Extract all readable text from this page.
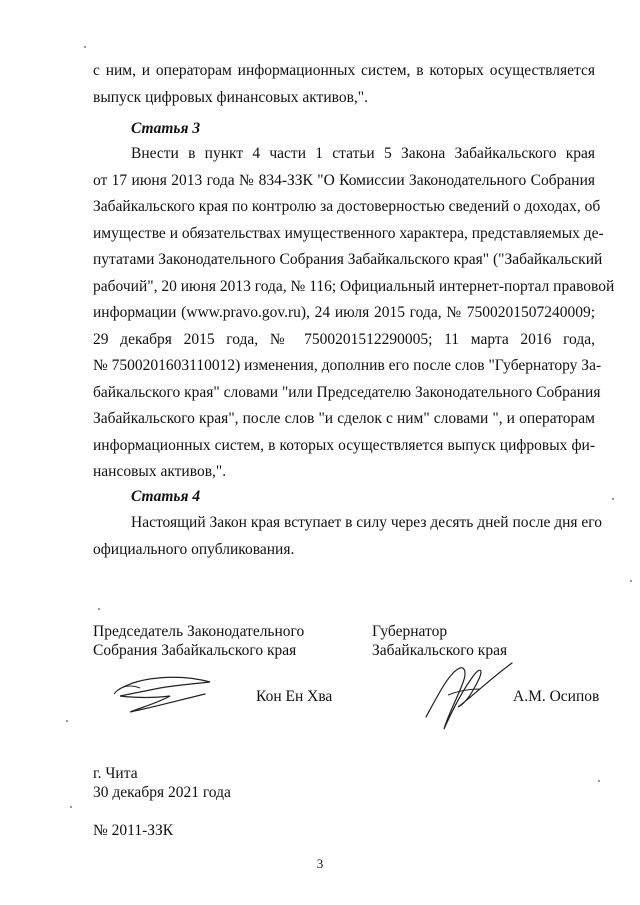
с ним, и операторам информационных систем, в которых осуществляется
выпуск цифровых финансовых активов,".
Статья 3
Внести в пункт 4 части 1 статьи 5 Закона Забайкальского края
от 17 июня 2013 года № 834-ЗЗК "О Комиссии Законодательного Собрания
Забайкальского края по контролю за достоверностью сведений о доходах, об
имуществе и обязательствах имущественного характера, представляемых де-
путатами Законодательного Собрания Забайкальского края" ("Забайкальский
рабочий", 20 июня 2013 года, № 116; Официальный интернет-портал правовой
информации (www.pravo.gov.ru), 24 июля 2015 года, № 7500201507240009;
29 декабря 2015 года, № 7500201512290005; 11 марта 2016 года,
№ 7500201603110012) изменения, дополнив его после слов "Губернатору За-
байкальского края" словами "или Председателю Законодательного Собрания
Забайкальского края", после слов "и сделок с ним" словами ", и операторам
информационных систем, в которых осуществляется выпуск цифровых фи-
нансовых активов,".
Статья 4
Настоящий Закон края вступает в силу через десять дней после дня его
официального опубликования.
Председатель Законодательного
Собрания Забайкальского края
Губернатор
Забайкальского края
Кон Ен Хва	А.М. Осипов
г. Чита
30 декабря 2021 года
№ 2011-ЗЗК
3
